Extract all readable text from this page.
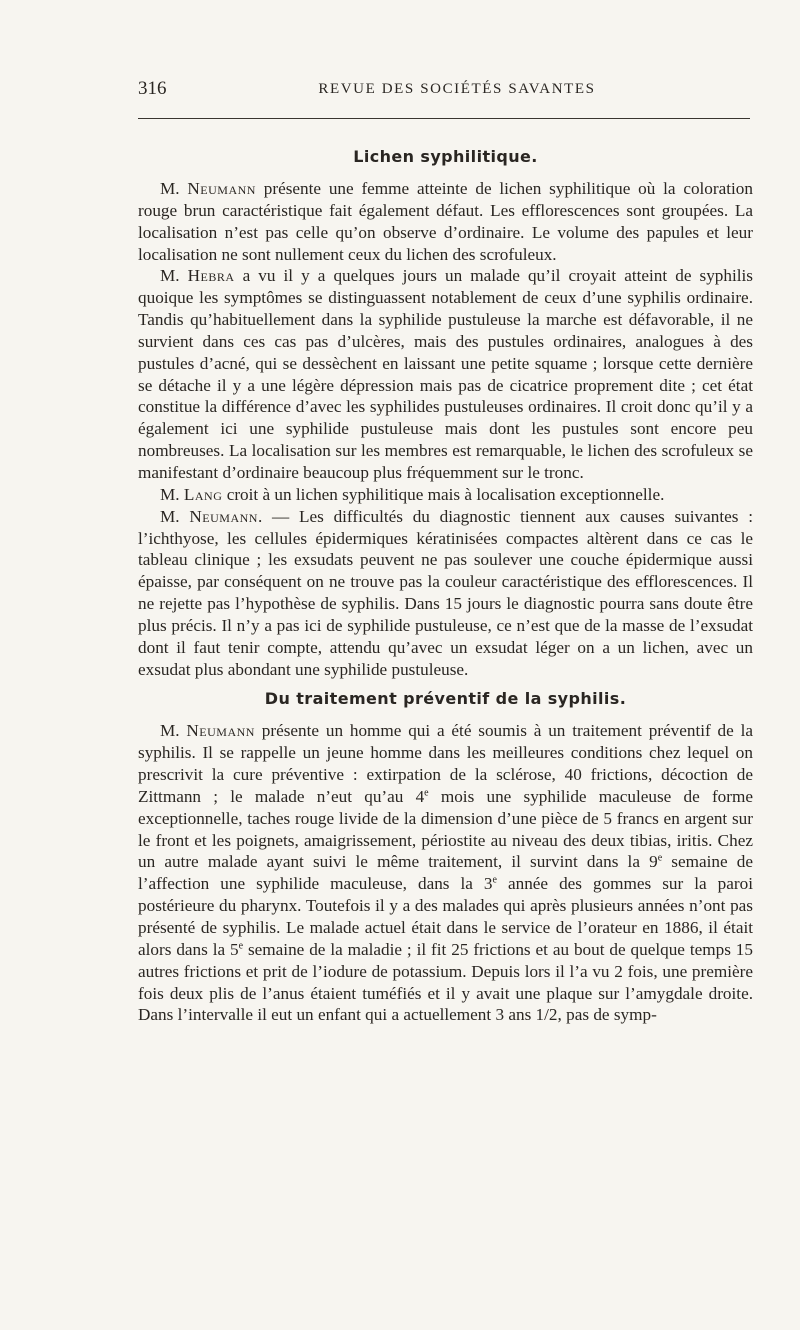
316	REVUE DES SOCIÉTÉS SAVANTES
Lichen syphilitique.

M. Neumann présente une femme atteinte de lichen syphilitique où la coloration rouge brun caractéristique fait également défaut. Les efflorescences sont groupées. La localisation n’est pas celle qu’on observe d’ordinaire. Le volume des papules et leur localisation ne sont nullement ceux du lichen des scrofuleux.

M. Hebra a vu il y a quelques jours un malade qu’il croyait atteint de syphilis quoique les symptômes se distinguassent notablement de ceux d’une syphilis ordinaire. Tandis qu’habituellement dans la syphilide pustuleuse la marche est défavorable, il ne survient dans ces cas pas d’ulcères, mais des pustules ordinaires, analogues à des pustules d’acné, qui se dessèchent en laissant une petite squame ; lorsque cette dernière se détache il y a une légère dépression mais pas de cicatrice proprement dite ; cet état constitue la différence d’avec les syphilides pustuleuses ordinaires. Il croit donc qu’il y a également ici une syphilide pustuleuse mais dont les pustules sont encore peu nombreuses. La localisation sur les membres est remarquable, le lichen des scrofuleux se manifestant d’ordinaire beaucoup plus fréquemment sur le tronc.

M. Lang croit à un lichen syphilitique mais à localisation exceptionnelle.

M. Neumann. — Les difficultés du diagnostic tiennent aux causes suivantes : l’ichthyose, les cellules épidermiques kératinisées compactes altèrent dans ce cas le tableau clinique ; les exsudats peuvent ne pas soulever une couche épidermique aussi épaisse, par conséquent on ne trouve pas la couleur caractéristique des efflorescences. Il ne rejette pas l’hypothèse de syphilis. Dans 15 jours le diagnostic pourra sans doute être plus précis. Il n’y a pas ici de syphilide pustuleuse, ce n’est que de la masse de l’exsudat dont il faut tenir compte, attendu qu’avec un exsudat léger on a un lichen, avec un exsudat plus abondant une syphilide pustuleuse.

Du traitement préventif de la syphilis.

M. Neumann présente un homme qui a été soumis à un traitement préventif de la syphilis. Il se rappelle un jeune homme dans les meilleures conditions chez lequel on prescrivit la cure préventive : extirpation de la sclérose, 40 frictions, décoction de Zittmann ; le malade n’eut qu’au 4e mois une syphilide maculeuse de forme exceptionnelle, taches rouge livide de la dimension d’une pièce de 5 francs en argent sur le front et les poignets, amaigrissement, périostite au niveau des deux tibias, iritis. Chez un autre malade ayant suivi le même traitement, il survint dans la 9e semaine de l’affection une syphilide maculeuse, dans la 3e année des gommes sur la paroi postérieure du pharynx. Toutefois il y a des malades qui après plusieurs années n’ont pas présenté de syphilis. Le malade actuel était dans le service de l’orateur en 1886, il était alors dans la 5e semaine de la maladie ; il fit 25 frictions et au bout de quelque temps 15 autres frictions et prit de l’iodure de potassium. Depuis lors il l’a vu 2 fois, une première fois deux plis de l’anus étaient tuméfiés et il y avait une plaque sur l’amygdale droite. Dans l’intervalle il eut un enfant qui a actuellement 3 ans 1/2, pas de symp-
